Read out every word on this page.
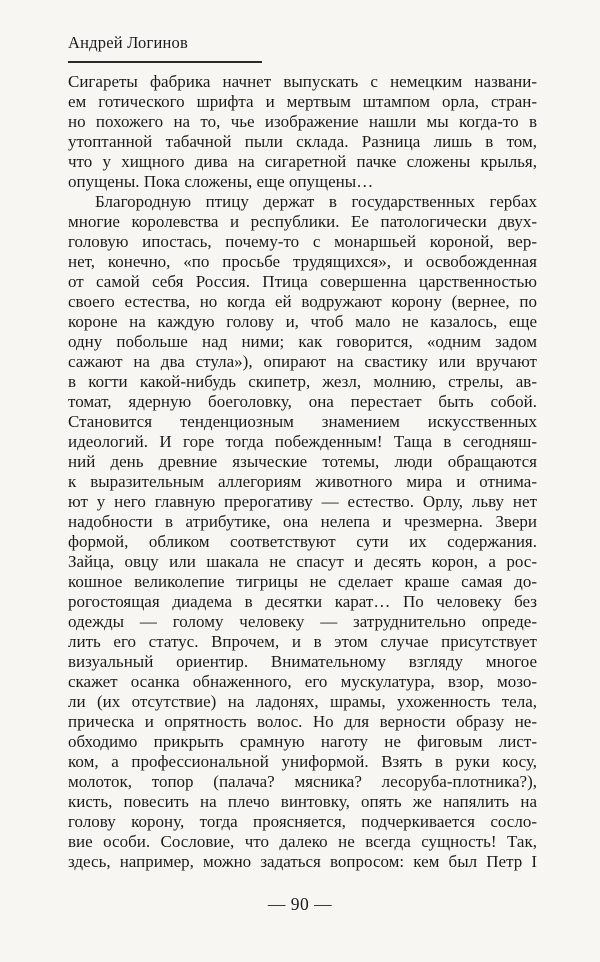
Андрей Логинов
Сигареты фабрика начнет выпускать с немецким названи-
ем готического шрифта и мертвым штампом орла, стран-
но похожего на то, чье изображение нашли мы когда-то в
утоптанной табачной пыли склада. Разница лишь в том,
что у хищного дива на сигаретной пачке сложены крылья,
опущены. Пока сложены, еще опущены…
Благородную птицу держат в государственных гербах
многие королевства и республики. Ее патологически двух-
головую ипостась, почему-то с монаршьей короной, вер-
нет, конечно, «по просьбе трудящихся», и освобожденная
от самой себя Россия. Птица совершенна царственностью
своего естества, но когда ей водружают корону (вернее, по
короне на каждую голову и, чтоб мало не казалось, еще
одну побольше над ними; как говорится, «одним задом
сажают на два стула»), опирают на свастику или вручают
в когти какой-нибудь скипетр, жезл, молнию, стрелы, ав-
томат, ядерную боеголовку, она перестает быть собой.
Становится тенденциозным знамением искусственных
идеологий. И горе тогда побежденным! Таща в сегодняш-
ний день древние языческие тотемы, люди обращаются
к выразительным аллегориям животного мира и отнима-
ют у него главную прерогативу — естество. Орлу, льву нет
надобности в атрибутике, она нелепа и чрезмерна. Звери
формой, обликом соответствуют сути их содержания.
Зайца, овцу или шакала не спасут и десять корон, а рос-
кошное великолепие тигрицы не сделает краше самая до-
рогостоящая диадема в десятки карат… По человеку без
одежды — голому человеку — затруднительно опреде-
лить его статус. Впрочем, и в этом случае присутствует
визуальный ориентир. Внимательному взгляду многое
скажет осанка обнаженного, его мускулатура, взор, мозо-
ли (их отсутствие) на ладонях, шрамы, ухоженность тела,
прическа и опрятность волос. Но для верности образу не-
обходимо прикрыть срамную наготу не фиговым лист-
ком, а профессиональной униформой. Взять в руки косу,
молоток, топор (палача? мясника? лесоруба-плотника?),
кисть, повесить на плечо винтовку, опять же напялить на
голову корону, тогда проясняется, подчеркивается сосло-
вие особи. Сословие, что далеко не всегда сущность! Так,
здесь, например, можно задаться вопросом: кем был Петр I
— 90 —
